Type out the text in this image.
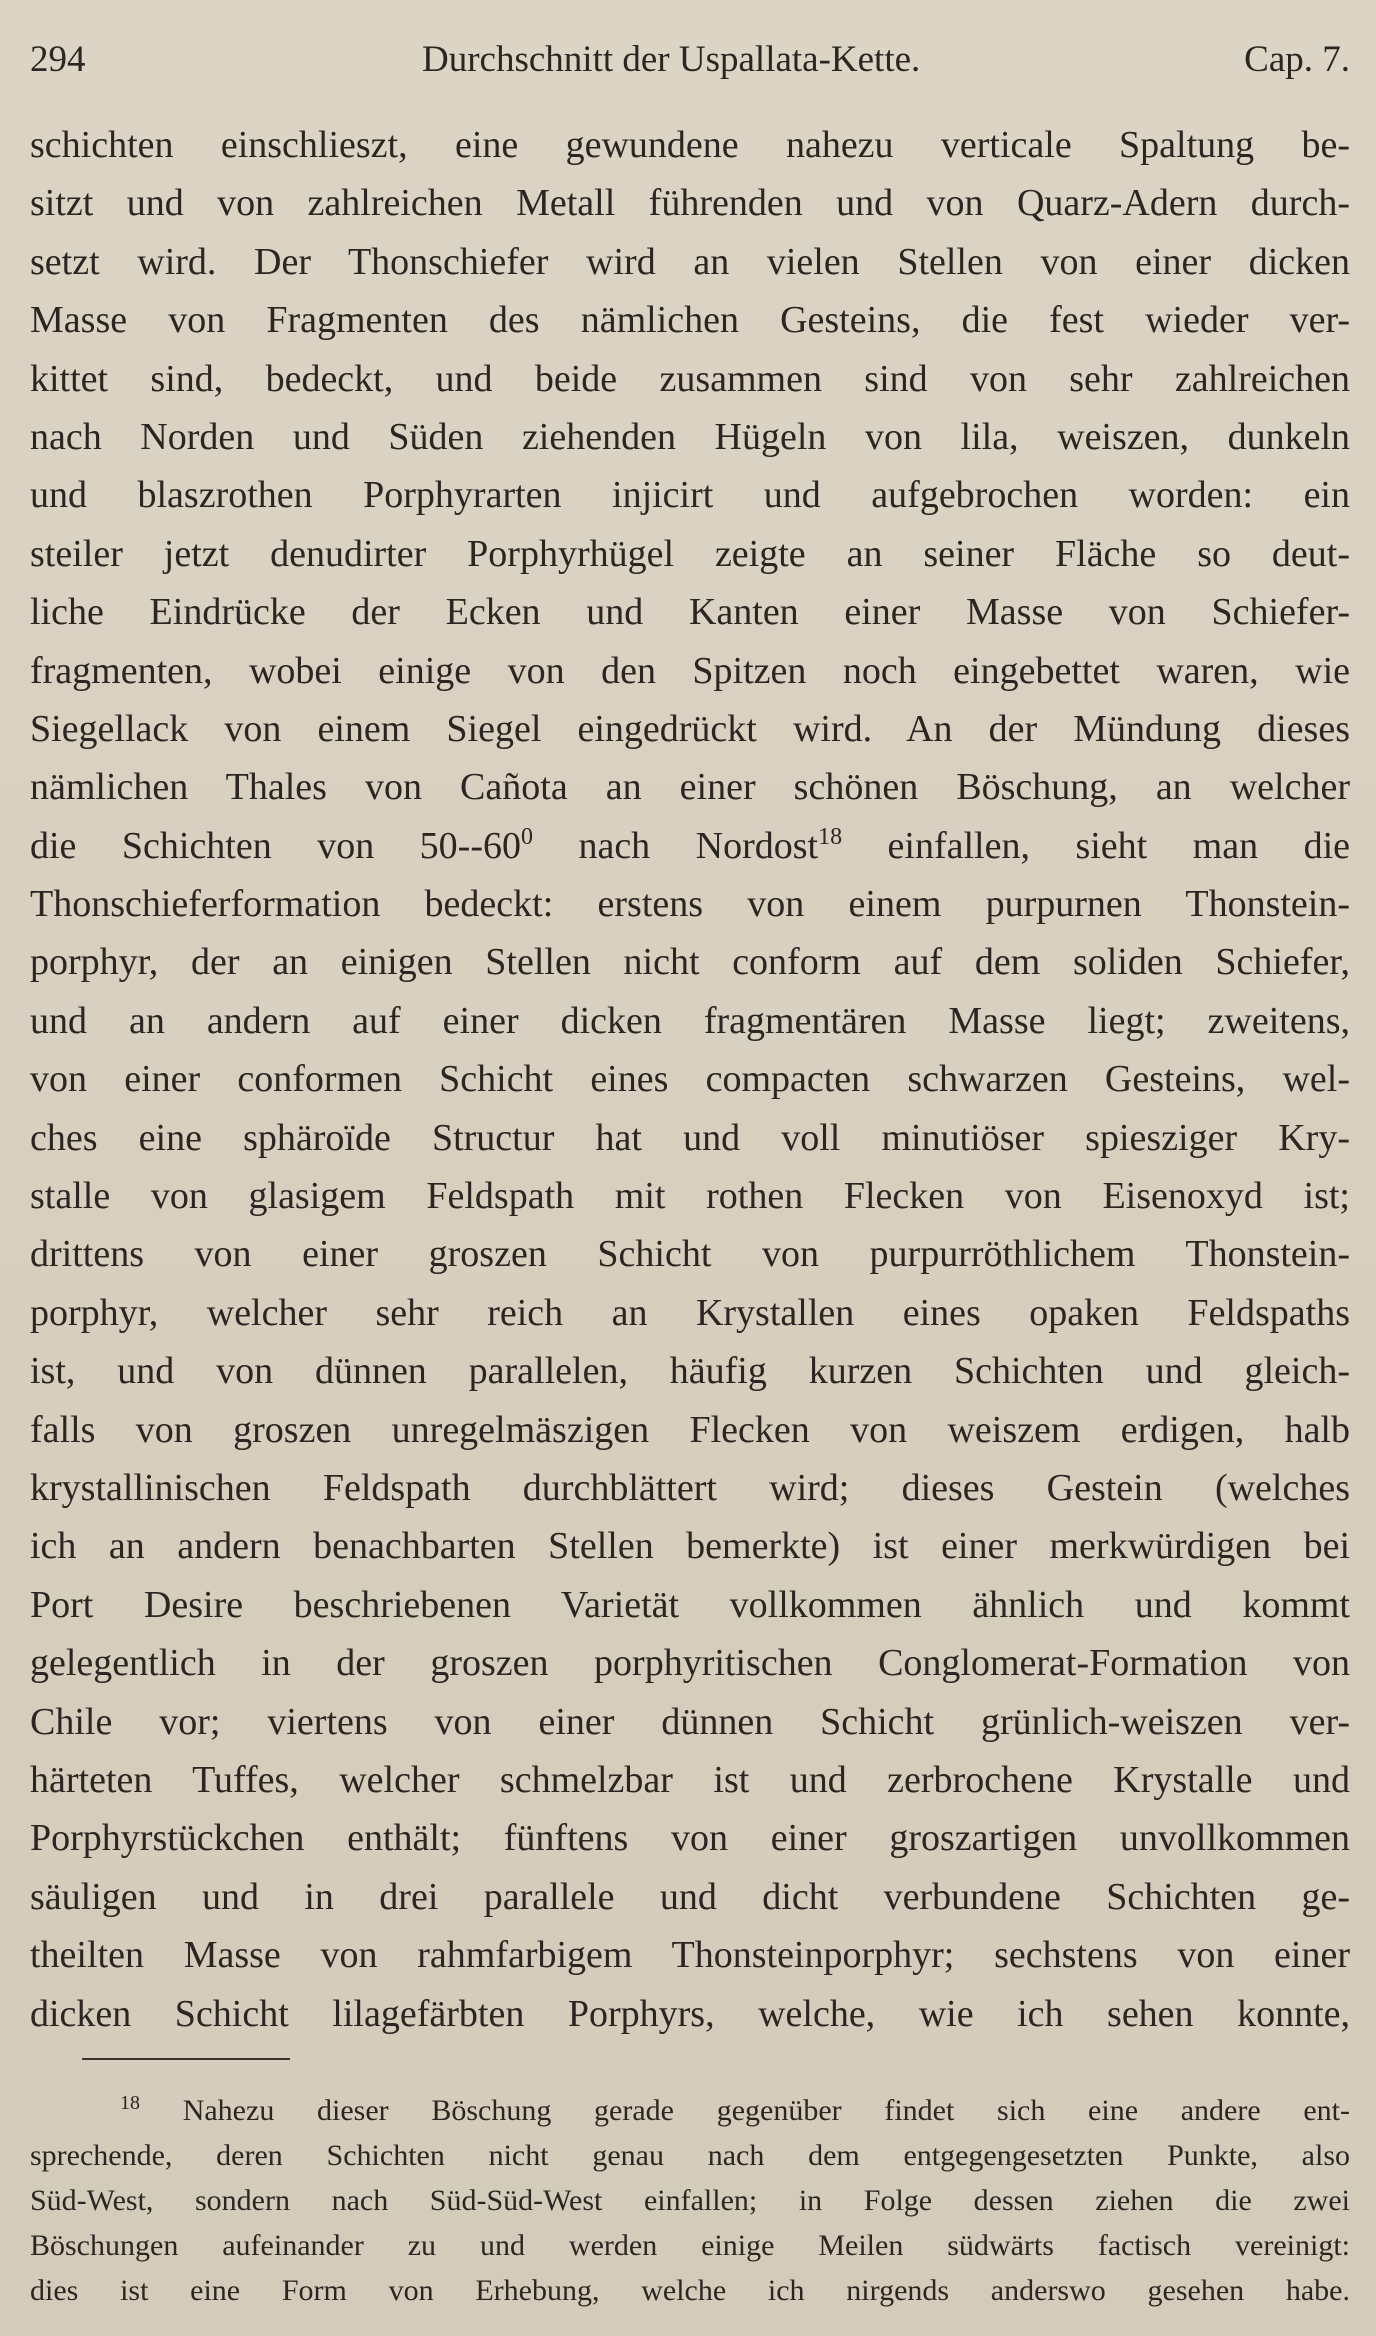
294	Durchschnitt der Uspallata-Kette.	Cap. 7.
schichten einschlieszt, eine gewundene nahezu verticale Spaltung be-
sitzt und von zahlreichen Metall führenden und von Quarz-Adern durch-
setzt wird. Der Thonschiefer wird an vielen Stellen von einer dicken
Masse von Fragmenten des nämlichen Gesteins, die fest wieder ver-
kittet sind, bedeckt, und beide zusammen sind von sehr zahlreichen
nach Norden und Süden ziehenden Hügeln von lila, weiszen, dunkeln
und blaszrothen Porphyrarten injicirt und aufgebrochen worden: ein
steiler jetzt denudirter Porphyrhügel zeigte an seiner Fläche so deut-
liche Eindrücke der Ecken und Kanten einer Masse von Schiefer-
fragmenten, wobei einige von den Spitzen noch eingebettet waren, wie
Siegellack von einem Siegel eingedrückt wird. An der Mündung dieses
nämlichen Thales von Cañota an einer schönen Böschung, an welcher
die Schichten von $50--60^0$ nach Nordost$^{18}$ einfallen, sieht man die
Thonschieferformation bedeckt: erstens von einem purpurnen Thonstein-
porphyr, der an einigen Stellen nicht conform auf dem soliden Schiefer,
und an andern auf einer dicken fragmentären Masse liegt; zweitens,
von einer conformen Schicht eines compacten schwarzen Gesteins, wel-
ches eine sphäroïde Structur hat und voll minutiöser spiesziger Kry-
stalle von glasigem Feldspath mit rothen Flecken von Eisenoxyd ist;
drittens von einer groszen Schicht von purpurröthlichem Thonstein-
porphyr, welcher sehr reich an Krystallen eines opaken Feldspaths
ist, und von dünnen parallelen, häufig kurzen Schichten und gleich-
falls von groszen unregelmäszigen Flecken von weiszem erdigen, halb
krystallinischen Feldspath durchblättert wird; dieses Gestein (welches
ich an andern benachbarten Stellen bemerkte) ist einer merkwürdigen bei
Port Desire beschriebenen Varietät vollkommen ähnlich und kommt
gelegentlich in der groszen porphyritischen Conglomerat-Formation von
Chile vor; viertens von einer dünnen Schicht grünlich-weiszen ver-
härteten Tuffes, welcher schmelzbar ist und zerbrochene Krystalle und
Porphyrstückchen enthält; fünftens von einer groszartigen unvollkommen
säuligen und in drei parallele und dicht verbundene Schichten ge-
theilten Masse von rahmfarbigem Thonsteinporphyr; sechstens von einer
dicken Schicht lilagefärbten Porphyrs, welche, wie ich sehen konnte,
$^{18}$ Nahezu dieser Böschung gerade gegenüber findet sich eine andere ent-
sprechende, deren Schichten nicht genau nach dem entgegengesetzten Punkte, also
Süd-West, sondern nach Süd-Süd-West einfallen; in Folge dessen ziehen die zwei
Böschungen aufeinander zu und werden einige Meilen südwärts factisch vereinigt:
dies ist eine Form von Erhebung, welche ich nirgends anderswo gesehen habe.
